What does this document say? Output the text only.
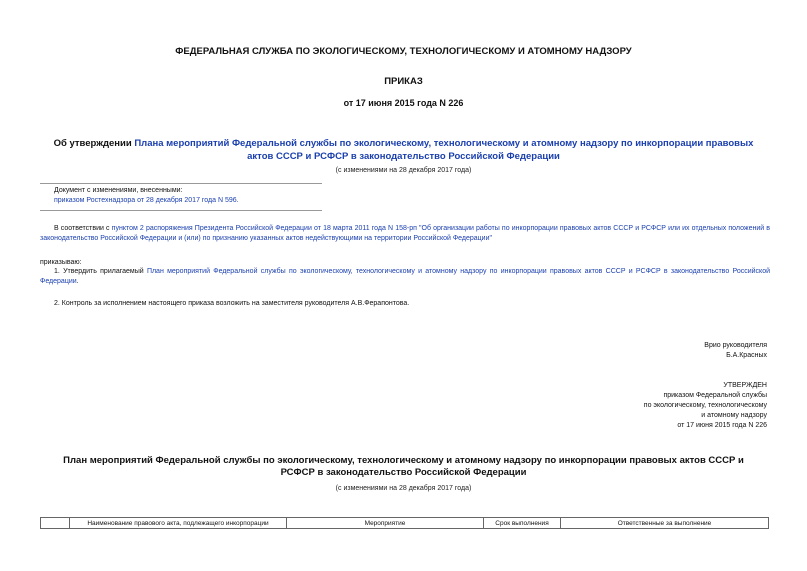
ФЕДЕРАЛЬНАЯ СЛУЖБА ПО ЭКОЛОГИЧЕСКОМУ, ТЕХНОЛОГИЧЕСКОМУ И АТОМНОМУ НАДЗОРУ
ПРИКАЗ
от 17 июня 2015 года N 226
Об утверждении Плана мероприятий Федеральной службы по экологическому, технологическому и атомному надзору по инкорпорации правовых актов СССР и РСФСР в законодательство Российской Федерации
(с изменениями на 28 декабря 2017 года)
Документ с изменениями, внесенными:
приказом Ростехнадзора от 28 декабря 2017 года N 596.
В соответствии с пунктом 2 распоряжения Президента Российской Федерации от 18 марта 2011 года N 158-рп "Об организации работы по инкорпорации правовых актов СССР и РСФСР или их отдельных положений в законодательство Российской Федерации и (или) по признанию указанных актов недействующими на территории Российской Федерации"
приказываю:
1. Утвердить прилагаемый План мероприятий Федеральной службы по экологическому, технологическому и атомному надзору по инкорпорации правовых актов СССР и РСФСР в законодательство Российской Федерации.
2. Контроль за исполнением настоящего приказа возложить на заместителя руководителя А.В.Ферапонтова.
Врио руководителя
Б.А.Красных
УТВЕРЖДЕН
приказом Федеральной службы
по экологическому, технологическому
и атомному надзору
от 17 июня 2015 года N 226
План мероприятий Федеральной службы по экологическому, технологическому и атомному надзору по инкорпорации правовых актов СССР и РСФСР в законодательство Российской Федерации
(с изменениями на 28 декабря 2017 года)
	Наименование правового акта, подлежащего инкорпорации	Мероприятие	Срок выполнения	Ответственные за выполнение
